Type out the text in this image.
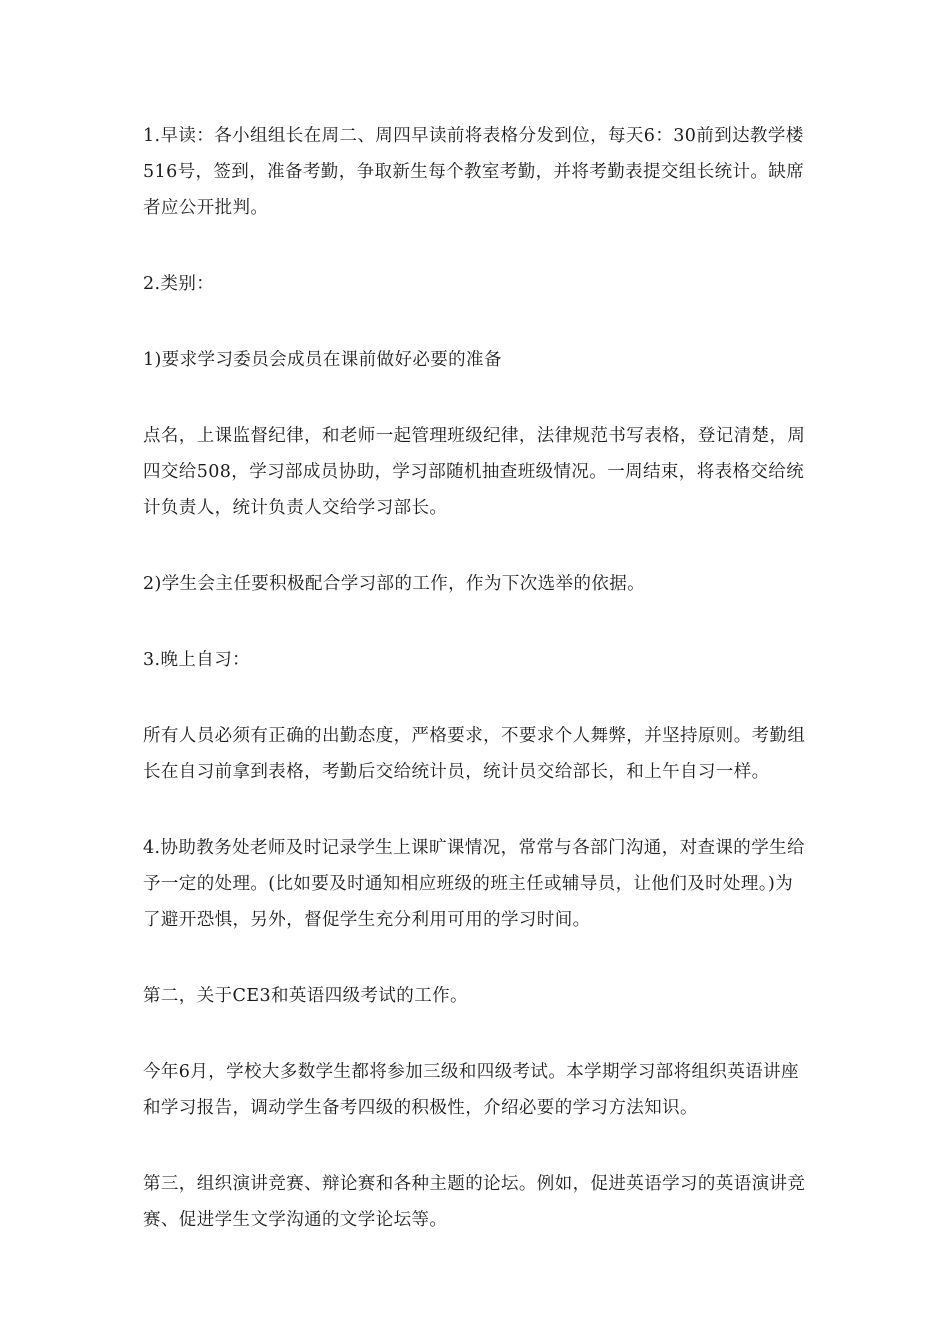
1.早读：各小组组长在周二、周四早读前将表格分发到位，每天6：30前到达教学楼516号，签到，准备考勤，争取新生每个教室考勤，并将考勤表提交组长统计。缺席者应公开批判。

2.类别：

1)要求学习委员会成员在课前做好必要的准备

点名，上课监督纪律，和老师一起管理班级纪律，法律规范书写表格，登记清楚，周四交给508，学习部成员协助，学习部随机抽查班级情况。一周结束，将表格交给统计负责人，统计负责人交给学习部长。

2)学生会主任要积极配合学习部的工作，作为下次选举的依据。

3.晚上自习：

所有人员必须有正确的出勤态度，严格要求，不要求个人舞弊，并坚持原则。考勤组长在自习前拿到表格，考勤后交给统计员，统计员交给部长，和上午自习一样。

4.协助教务处老师及时记录学生上课旷课情况，常常与各部门沟通，对查课的学生给予一定的处理。(比如要及时通知相应班级的班主任或辅导员，让他们及时处理。)为了避开恐惧，另外，督促学生充分利用可用的学习时间。

第二，关于CE3和英语四级考试的工作。

今年6月，学校大多数学生都将参加三级和四级考试。本学期学习部将组织英语讲座和学习报告，调动学生备考四级的积极性，介绍必要的学习方法知识。

第三，组织演讲竞赛、辩论赛和各种主题的论坛。例如，促进英语学习的英语演讲竞赛、促进学生文学沟通的文学论坛等。
